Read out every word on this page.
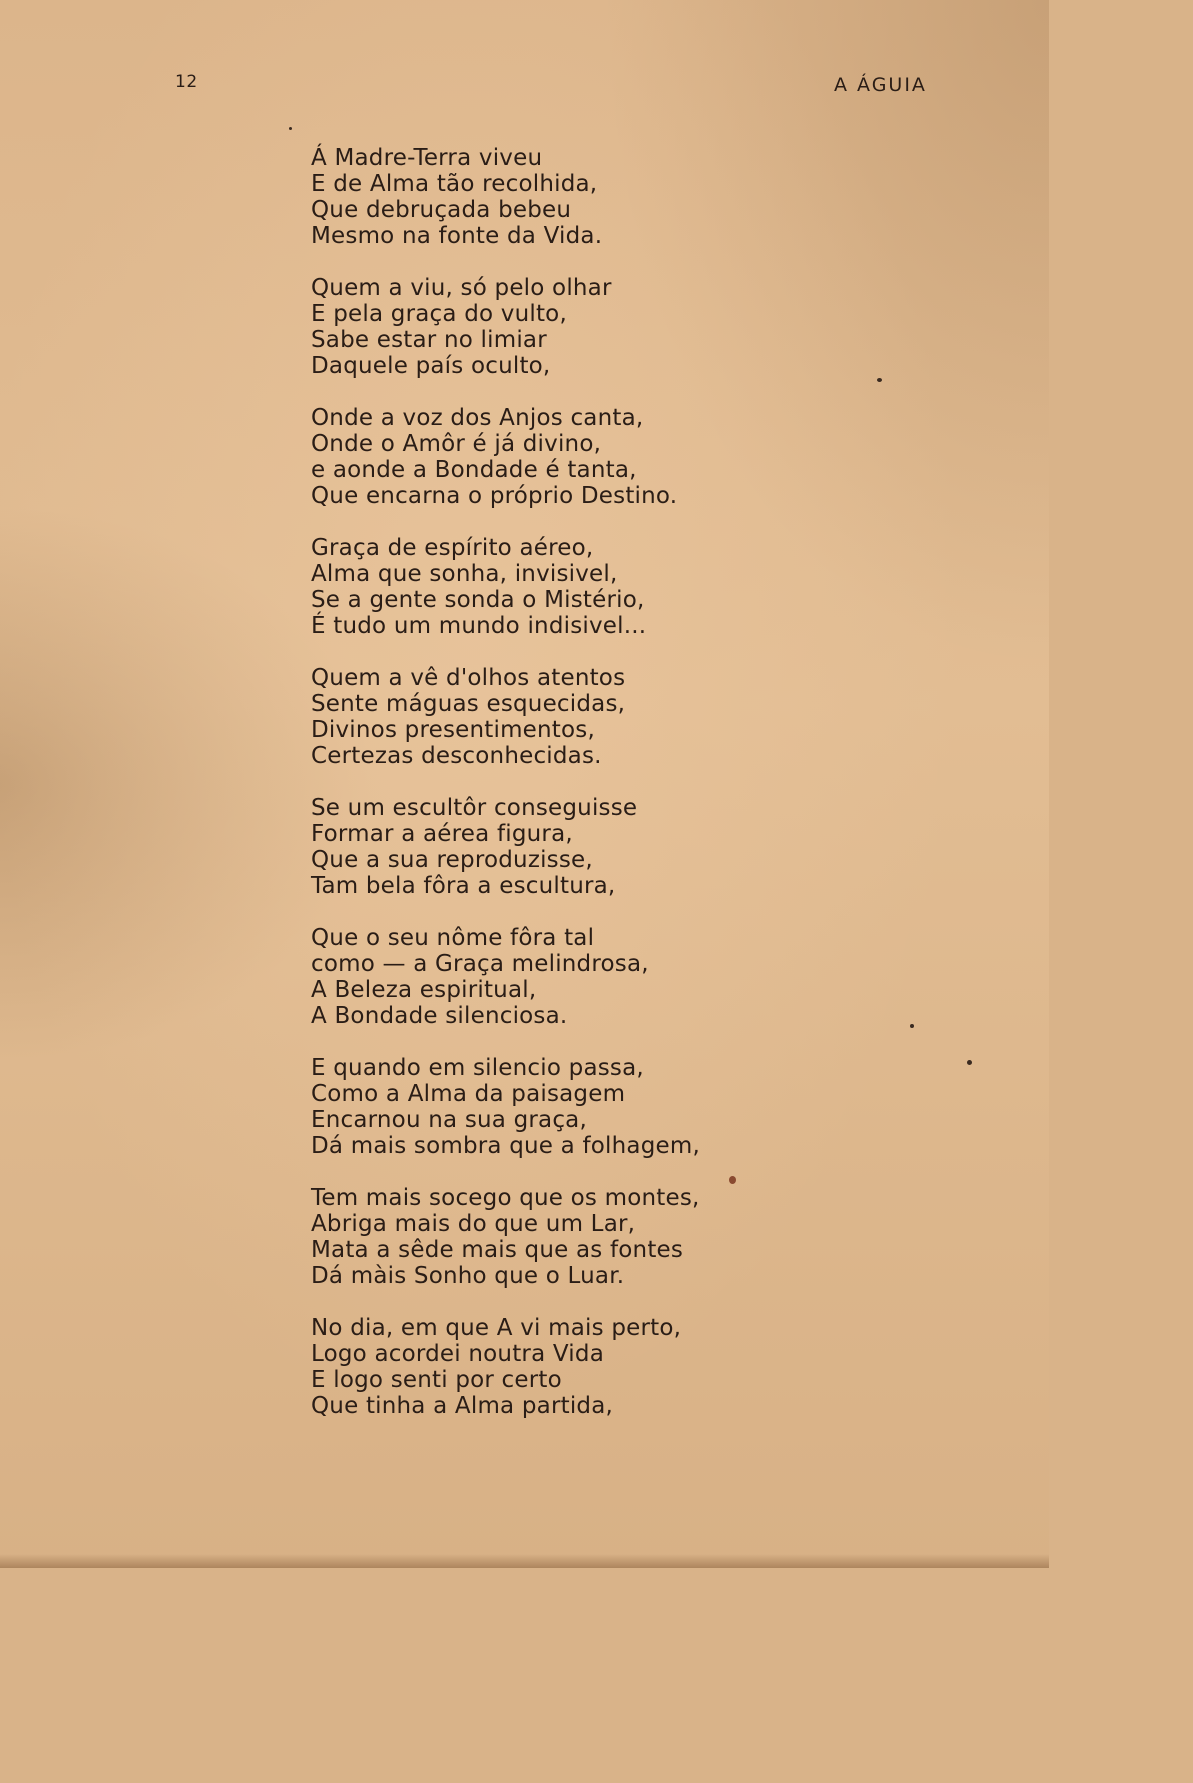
12	A ÁGUIA
Á Madre-Terra viveu
E de Alma tão recolhida,
Que debruçada bebeu
Mesmo na fonte da Vida.
Quem a viu, só pelo olhar
E pela graça do vulto,
Sabe estar no limiar
Daquele país oculto,
Onde a voz dos Anjos canta,
Onde o Amôr é já divino,
e aonde a Bondade é tanta,
Que encarna o próprio Destino.
Graça de espírito aéreo,
Alma que sonha, invisivel,
Se a gente sonda o Mistério,
É tudo um mundo indisivel...
Quem a vê d'olhos atentos
Sente máguas esquecidas,
Divinos presentimentos,
Certezas desconhecidas.
Se um escultôr conseguisse
Formar a aérea figura,
Que a sua reproduzisse,
Tam bela fôra a escultura,
Que o seu nôme fôra tal
como — a Graça melindrosa,
A Beleza espiritual,
A Bondade silenciosa.
E quando em silencio passa,
Como a Alma da paisagem
Encarnou na sua graça,
Dá mais sombra que a folhagem,
Tem mais socego que os montes,
Abriga mais do que um Lar,
Mata a sêde mais que as fontes
Dá màis Sonho que o Luar.
No dia, em que A vi mais perto,
Logo acordei noutra Vida
E logo senti por certo
Que tinha a Alma partida,
